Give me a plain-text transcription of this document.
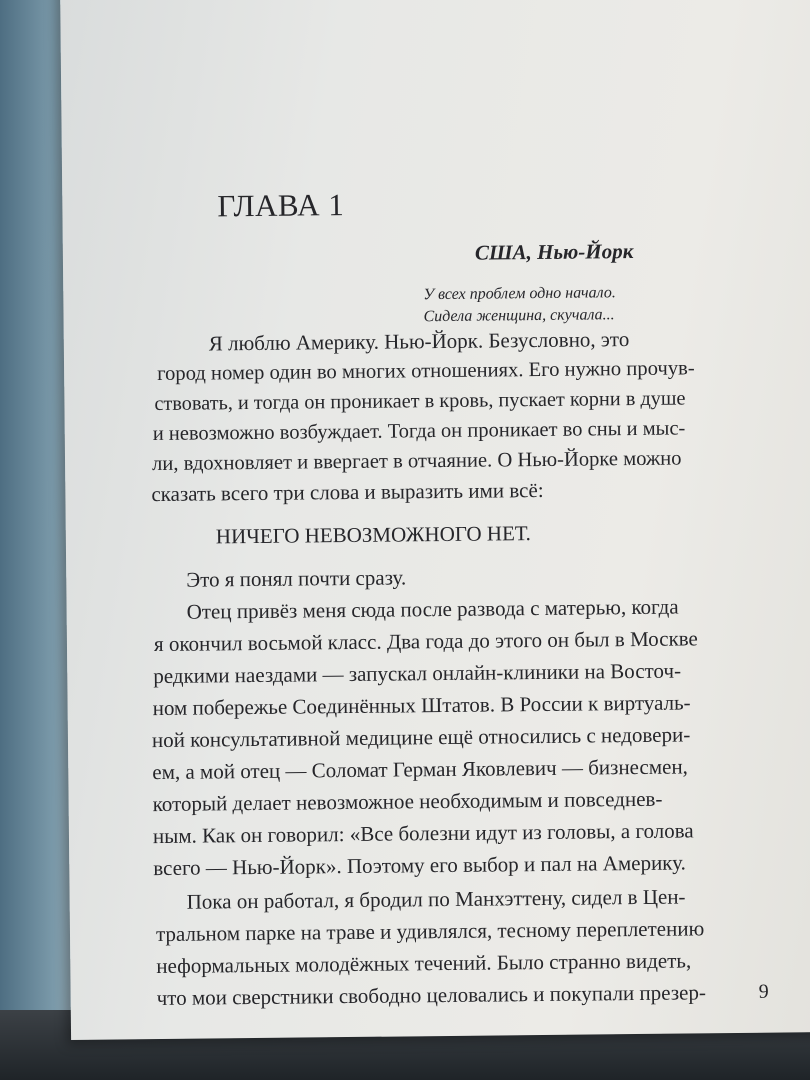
ГЛАВА 1
США, Нью-Йорк
У всех проблем одно начало.
Сидела женщина, скучала...
Я люблю Америку. Нью-Йорк. Безусловно, это
город номер один во многих отношениях. Его нужно прочув-
ствовать, и тогда он проникает в кровь, пускает корни в душе
и невозможно возбуждает. Тогда он проникает во сны и мыс-
ли, вдохновляет и ввергает в отчаяние. О Нью-Йорке можно
сказать всего три слова и выразить ими всё:
НИЧЕГО НЕВОЗМОЖНОГО НЕТ.
Это я понял почти сразу.
Отец привёз меня сюда после развода с матерью, когда
я окончил восьмой класс. Два года до этого он был в Москве
редкими наездами — запускал онлайн-клиники на Восточ-
ном побережье Соединённых Штатов. В России к виртуаль-
ной консультативной медицине ещё относились с недовери-
ем, а мой отец — Соломат Герман Яковлевич — бизнесмен,
который делает невозможное необходимым и повседнев-
ным. Как он говорил: «Все болезни идут из головы, а голова
всего — Нью-Йорк». Поэтому его выбор и пал на Америку.
Пока он работал, я бродил по Манхэттену, сидел в Цен-
тральном парке на траве и удивлялся, тесному переплетению
неформальных молодёжных течений. Было странно видеть,
что мои сверстники свободно целовались и покупали презер-	9
